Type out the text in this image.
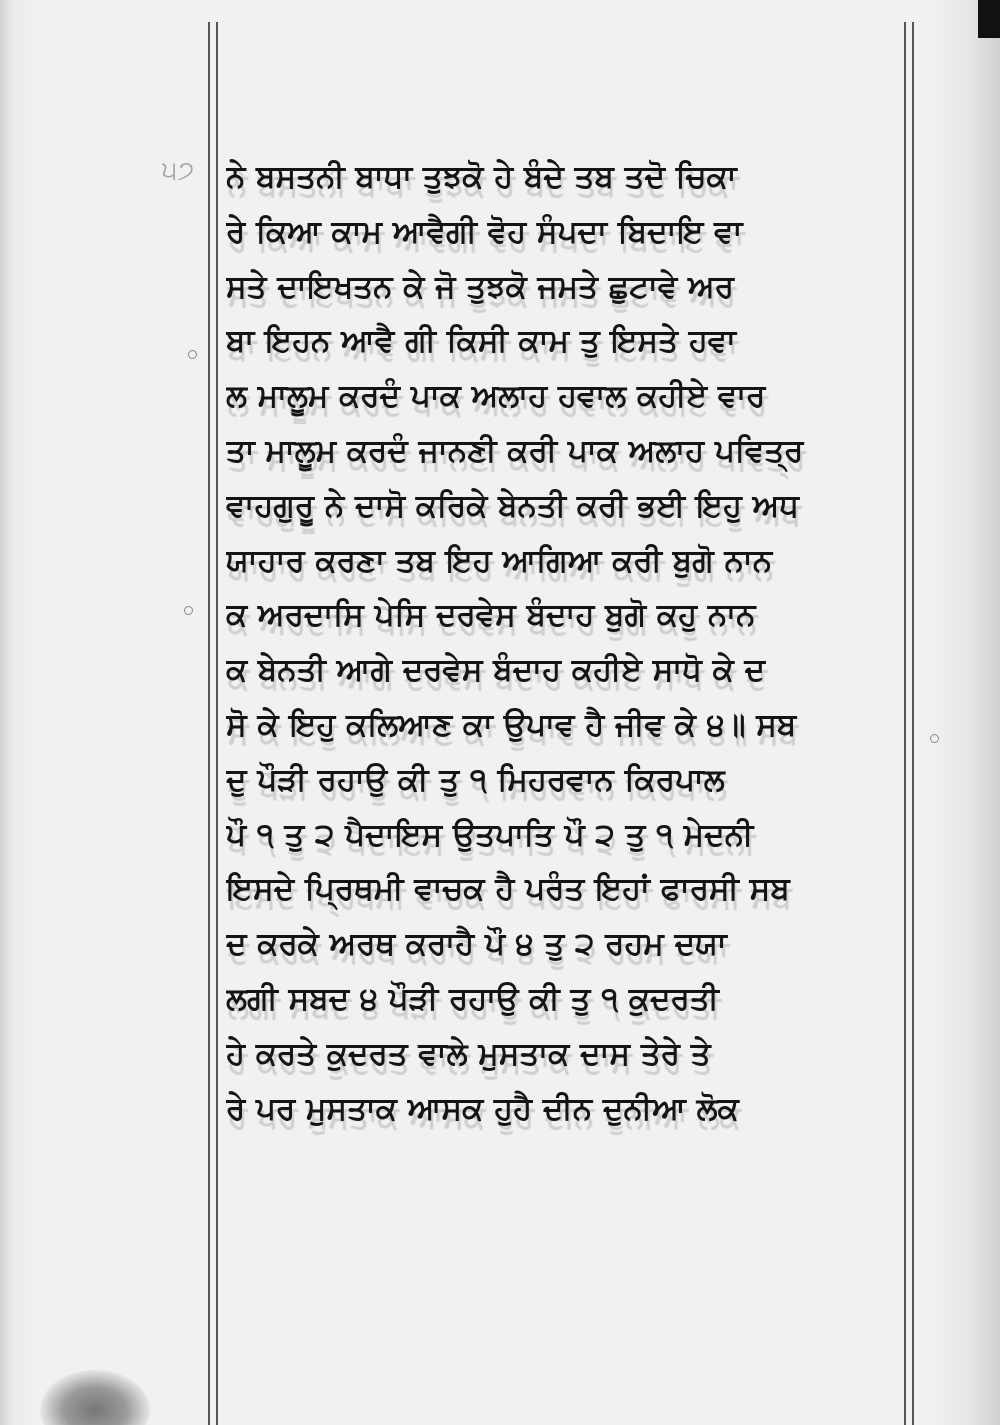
੫੭ ਨੇ ਬਸਤਨੀ ਬਾਧਾ ਤੁਝਕੋ ਹੇ ਬੰਦੇ ਤਬ ਤਦੋ ਚਿਕਾ
ਰੇ ਕਿਆ ਕਾਮ ਆਵੈਗੀ ਵੋਹ ਸੰਪਦਾ ਬਿਦਾਇ ਵਾ
ਸਤੇ ਦਾਇਖਤਨ ਕੇ ਜੋ ਤੁਝਕੋ ਜਮਤੇ ਛੁਟਾਵੇ ਅਰ
ਬਾ ਇਹਨ ਆਵੈ ਗੀ ਕਿਸੀ ਕਾਮ ਤੁ ਇਸਤੇ ਹਵਾ
ਲ ਮਾਲੂਮ ਕਰਦੰ ਪਾਕ ਅਲਾਹ ਹਵਾਲ ਕਹੀਏ ਵਾਰ
ਤਾ ਮਾਲੂਮ ਕਰਦੰ ਜਾਨਣੀ ਕਰੀ ਪਾਕ ਅਲਾਹ ਪਵਿਤ੍ਰ
ਵਾਹਗੁਰੂ ਨੇ ਦਾਸੋ ਕਰਿਕੇ ਬੇਨਤੀ ਕਰੀ ਭਈ ਇਹੁ ਅਧ
ਯਾਹਾਰ ਕਰਣਾ ਤਬ ਇਹ ਆਗਿਆ ਕਰੀ ਬੁਗੋ ਨਾਨ
ਕ ਅਰਦਾਸਿ ਪੇਸਿ ਦਰਵੇਸ ਬੰਦਾਹ ਬੁਗੋ ਕਹੁ ਨਾਨ
ਕ ਬੇਨਤੀ ਆਗੇ ਦਰਵੇਸ ਬੰਦਾਹ ਕਹੀਏ ਸਾਧੋ ਕੇ ਦ
ਸੋ ਕੇ ਇਹੁ ਕਲਿਆਣ ਕਾ ਉਪਾਵ ਹੈ ਜੀਵ ਕੇ ੪॥ ਸਬ
ਦੁ ਪੌੜੀ ਰਹਾਉ ਕੀ ਤੁ ੧ ਮਿਹਰਵਾਨ ਕਿਰਪਾਲ
ਪੌ ੧ ਤੁ ੨ ਪੈਦਾਇਸ ਉਤਪਾਤਿ ਪੌ ੨ ਤੁ ੧ ਮੇਦਨੀ
ਇਸਦੇ ਪ੍ਰਿਥਮੀ ਵਾਚਕ ਹੈ ਪਰੰਤ ਇਹਾਂ ਫਾਰਸੀ ਸਬ
ਦ ਕਰਕੇ ਅਰਥ ਕਰਾਹੈ ਪੌ ੪ ਤੁ ੨ ਰਹਮ ਦਯਾ
ਲਗੀ ਸਬਦ ੪ ਪੌੜੀ ਰਹਾਉ ਕੀ ਤੁ ੧ ਕੁਦਰਤੀ
ਹੇ ਕਰਤੇ ਕੁਦਰਤ ਵਾਲੇ ਮੁਸਤਾਕ ਦਾਸ ਤੇਰੇ ਤੇ
ਰੇ ਪਰ ਮੁਸਤਾਕ ਆਸਕ ਹੁਹੈ ਦੀਨ ਦੁਨੀਆ ਲੋਕ
